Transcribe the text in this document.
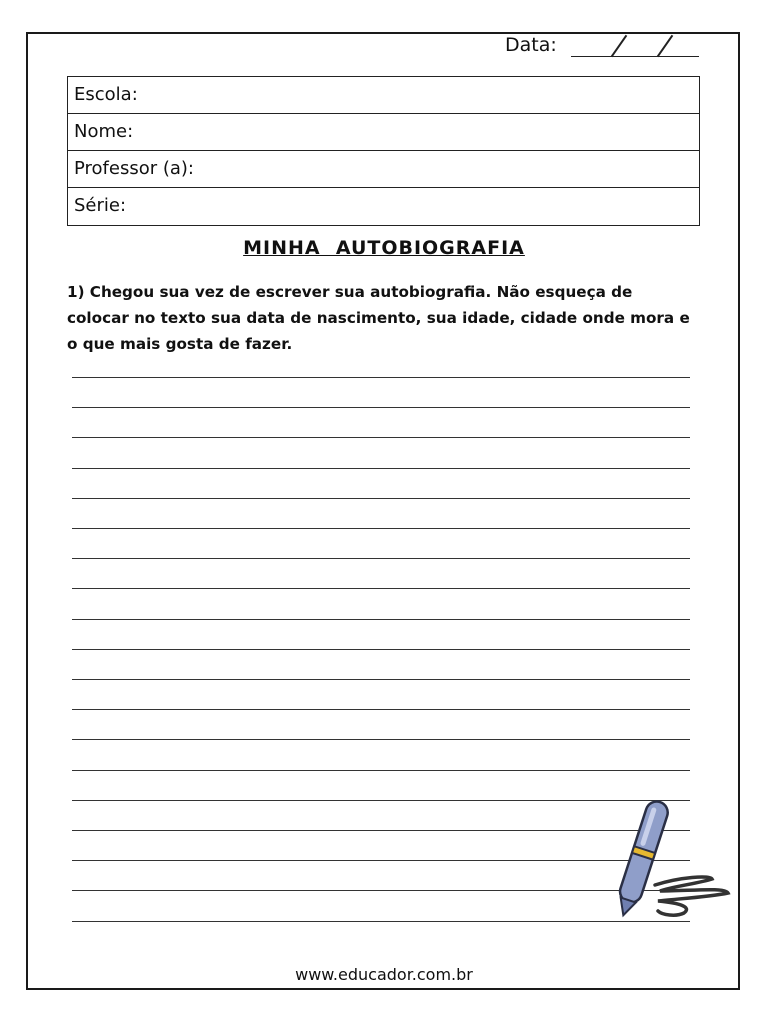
Data:
Escola:
Nome:
Professor (a):
Série:
MINHA  AUTOBIOGRAFIA
1) Chegou sua vez de escrever sua autobiografia. Não esqueça de colocar no texto sua data de nascimento, sua idade, cidade onde mora e o que mais gosta de fazer.
www.educador.com.br
